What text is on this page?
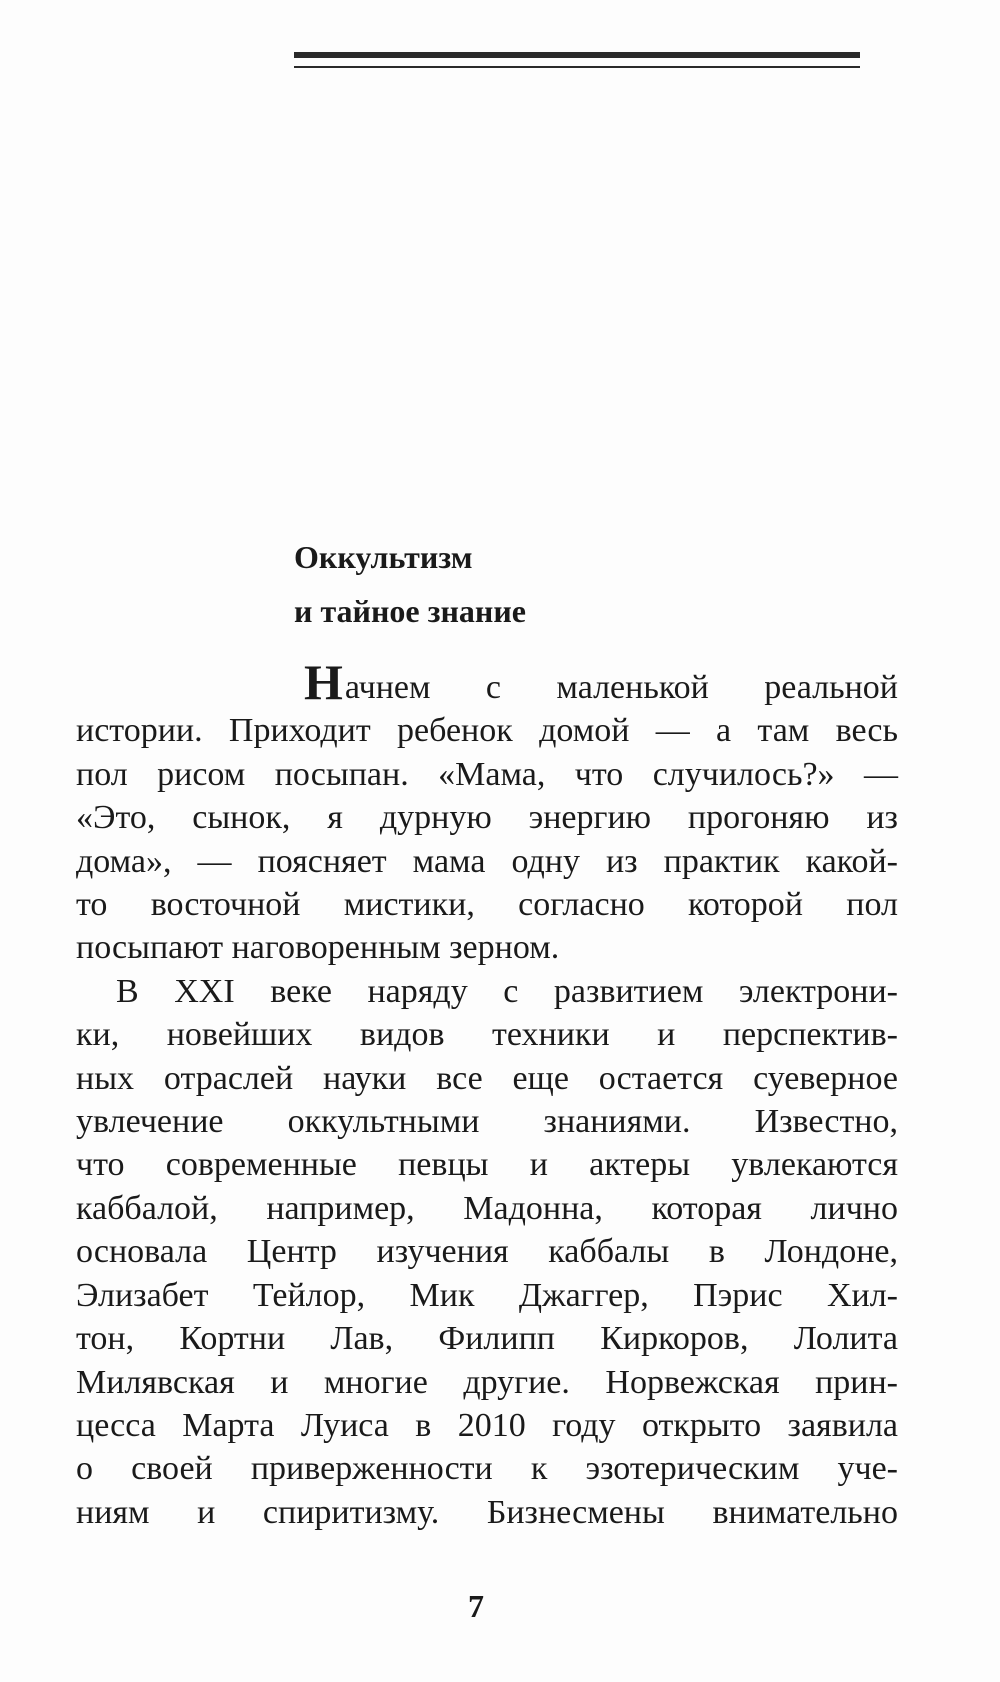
Оккультизм
и тайное знание
Начнем с маленькой реальной
истории. Приходит ребенок домой — а там весь
пол рисом посыпан. «Мама, что случилось?» —
«Это, сынок, я дурную энергию прогоняю из
дома», — поясняет мама одну из практик какой-
то восточной мистики, согласно которой пол
посыпают наговоренным зерном.
В XXI веке наряду с развитием электрони-
ки, новейших видов техники и перспектив-
ных отраслей науки все еще остается суеверное
увлечение оккультными знаниями. Известно,
что современные певцы и актеры увлекаются
каббалой, например, Мадонна, которая лично
основала Центр изучения каббалы в Лондоне,
Элизабет Тейлор, Мик Джаггер, Пэрис Хил-
тон, Кортни Лав, Филипп Киркоров, Лолита
Милявская и многие другие. Норвежская прин-
цесса Марта Луиса в 2010 году открыто заявила
о своей приверженности к эзотерическим уче-
ниям и спиритизму. Бизнесмены внимательно
7
